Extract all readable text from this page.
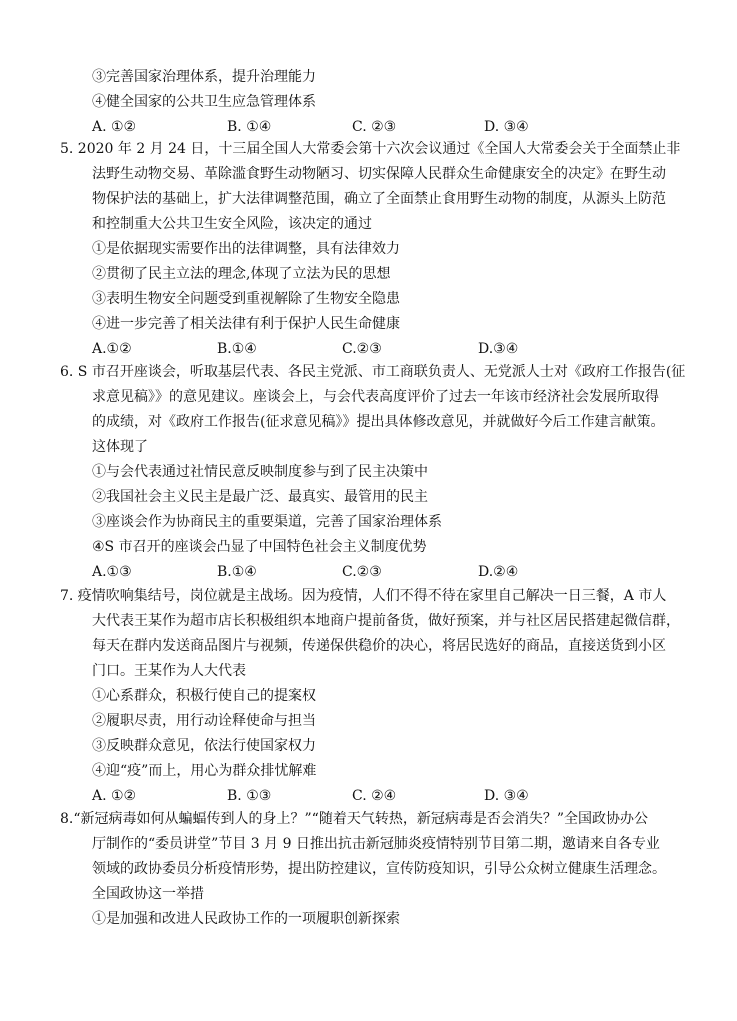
③完善国家治理体系，提升治理能力
④健全国家的公共卫生应急管理体系
5. 2020 年 2 月 24 日，十三届全国人大常委会第十六次会议通过《全国人大常委会关于全面禁止非
法野生动物交易、革除滥食野生动物陋习、切实保障人民群众生命健康安全的决定》在野生动
物保护法的基础上，扩大法律调整范围，确立了全面禁止食用野生动物的制度，从源头上防范
和控制重大公共卫生安全风险，该决定的通过
①是依据现实需要作出的法律调整，具有法律效力
②贯彻了民主立法的理念,体现了立法为民的思想
③表明生物安全问题受到重视解除了生物安全隐患
④进一步完善了相关法律有利于保护人民生命健康
6. S 市召开座谈会，听取基层代表、各民主党派、市工商联负责人、无党派人士对《政府工作报告(征
求意见稿》》的意见建议。座谈会上，与会代表高度评价了过去一年该市经济社会发展所取得
的成绩，对《政府工作报告(征求意见稿》》提出具体修改意见，并就做好今后工作建言献策。
这体现了
①与会代表通过社情民意反映制度参与到了民主决策中
②我国社会主义民主是最广泛、最真实、最管用的民主
③座谈会作为协商民主的重要渠道，完善了国家治理体系
④S 市召开的座谈会凸显了中国特色社会主义制度优势
7. 疫情吹响集结号，岗位就是主战场。因为疫情，人们不得不待在家里自己解决一日三餐，A 市人
大代表王某作为超市店长积极组织本地商户提前备货，做好预案，并与社区居民搭建起微信群，
每天在群内发送商品图片与视频，传递保供稳价的决心，将居民选好的商品，直接送货到小区
门口。王某作为人大代表
①心系群众，积极行使自己的提案权
②履职尽责，用行动诠释使命与担当
③反映群众意见，依法行使国家权力
④迎“疫”而上，用心为群众排忧解难
8.“新冠病毒如何从蝙蝠传到人的身上？”“随着天气转热，新冠病毒是否会消失？”全国政协办公
厅制作的“委员讲堂”节目 3 月 9 日推出抗击新冠肺炎疫情特别节目第二期，邀请来自各专业
领域的政协委员分析疫情形势，提出防控建议，宣传防疫知识，引导公众树立健康生活理念。
全国政协这一举措
①是加强和改进人民政协工作的一项履职创新探索
A. ①②	B. ①④	C. ②③	D. ③④
A.①②	B.①④	C.②③	D.③④
A.①③	B.①④	C.②③	D.②④
A. ①②	B. ①③	C. ②④	D. ③④
